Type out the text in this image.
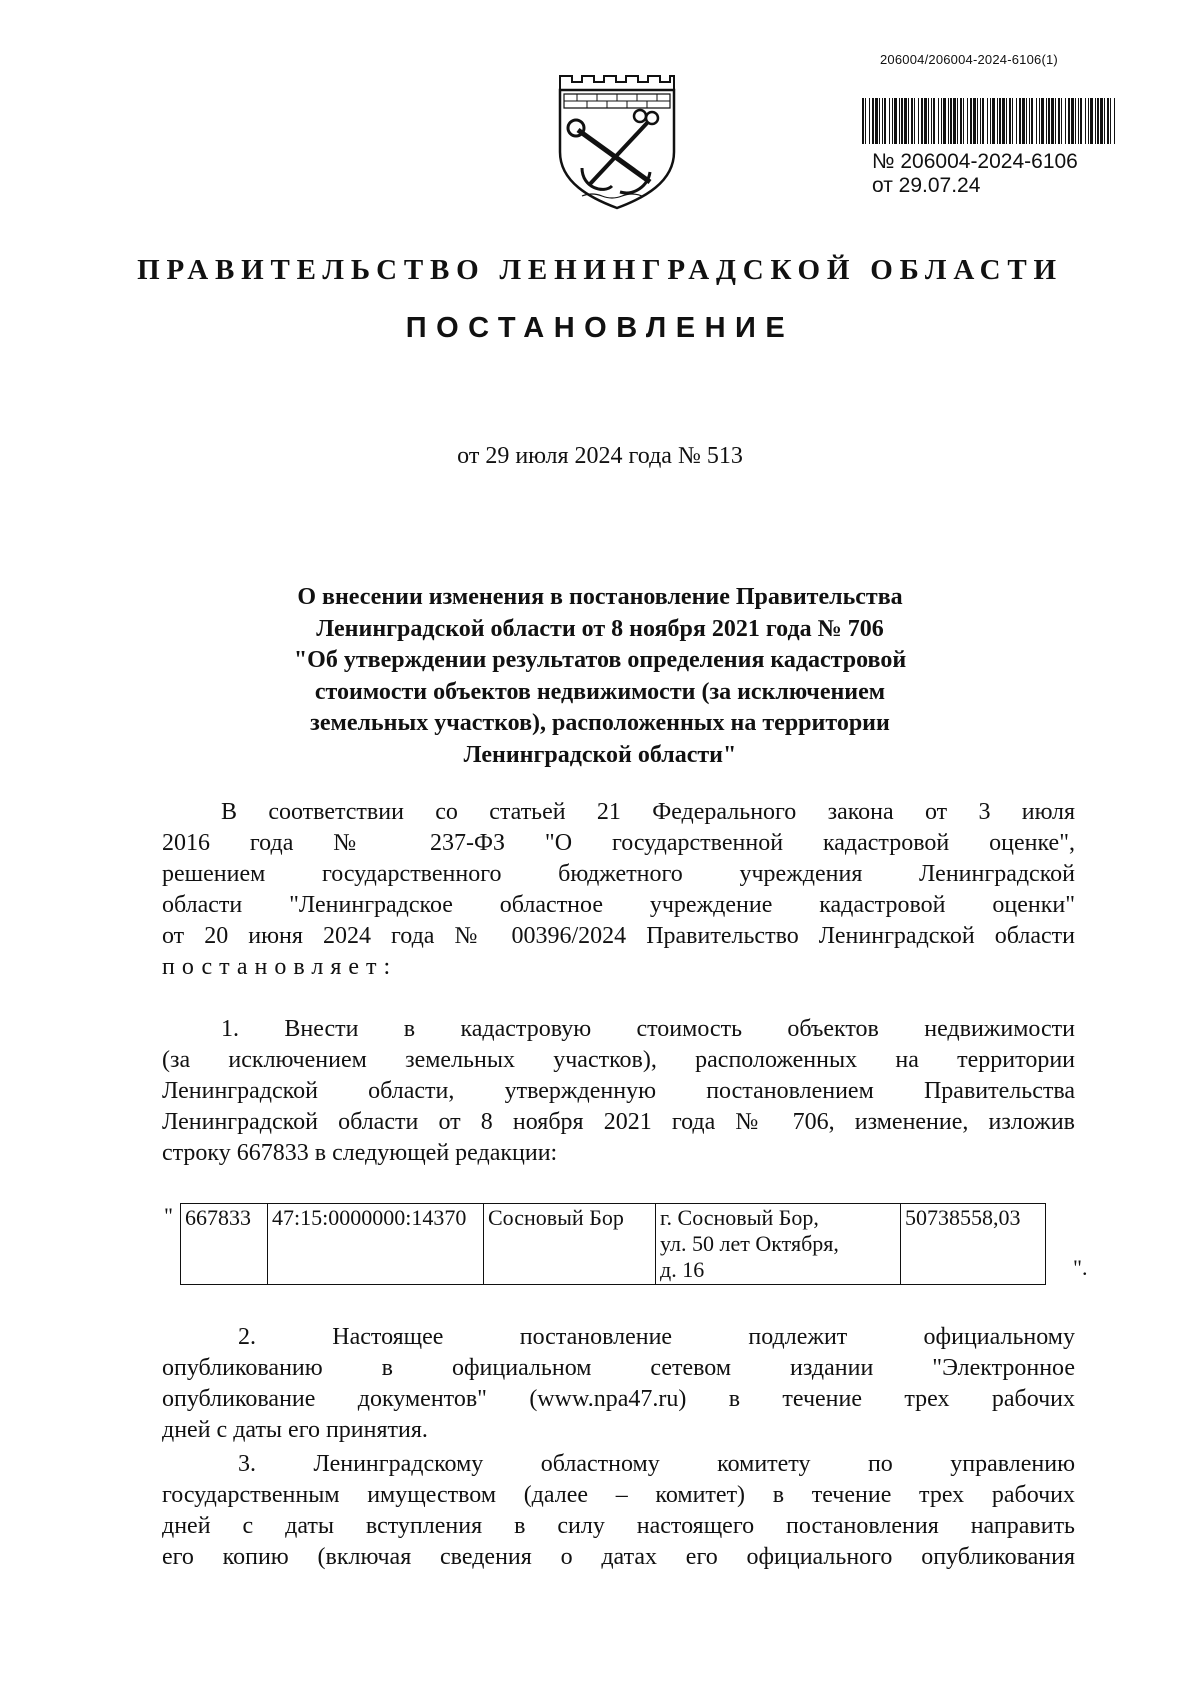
206004/206004-2024-6106(1)
№ 206004-2024-6106
от 29.07.24
ПРАВИТЕЛЬСТВО ЛЕНИНГРАДСКОЙ ОБЛАСТИ
ПОСТАНОВЛЕНИЕ
от 29 июля 2024 года № 513
О внесении изменения в постановление Правительства
Ленинградской области от 8 ноября 2021 года № 706
"Об утверждении результатов определения кадастровой
стоимости объектов недвижимости (за исключением
земельных участков), расположенных на территории
Ленинградской области"
В соответствии со статьей 21 Федерального закона от 3 июля
2016 года № 237-ФЗ "О государственной кадастровой оценке",
решением государственного бюджетного учреждения Ленинградской
области "Ленинградское областное учреждение кадастровой оценки"
от 20 июня 2024 года № 00396/2024 Правительство Ленинградской области
постановляет:
1. Внести в кадастровую стоимость объектов недвижимости
(за исключением земельных участков), расположенных на территории
Ленинградской области, утвержденную постановлением Правительства
Ленинградской области от 8 ноября 2021 года № 706, изменение, изложив
строку 667833 в следующей редакции:
" 667833	47:15:0000000:14370	Сосновый Бор	г. Сосновый Бор,
ул. 50 лет Октября,
д. 16
	50738558,03
".
2. Настоящее постановление подлежит официальному
опубликованию в официальном сетевом издании "Электронное
опубликование документов" (www.npa47.ru) в течение трех рабочих
дней с даты его принятия.
3. Ленинградскому областному комитету по управлению
государственным имуществом (далее – комитет) в течение трех рабочих
дней с даты вступления в силу настоящего постановления направить
его копию (включая сведения о датах его официального опубликования
